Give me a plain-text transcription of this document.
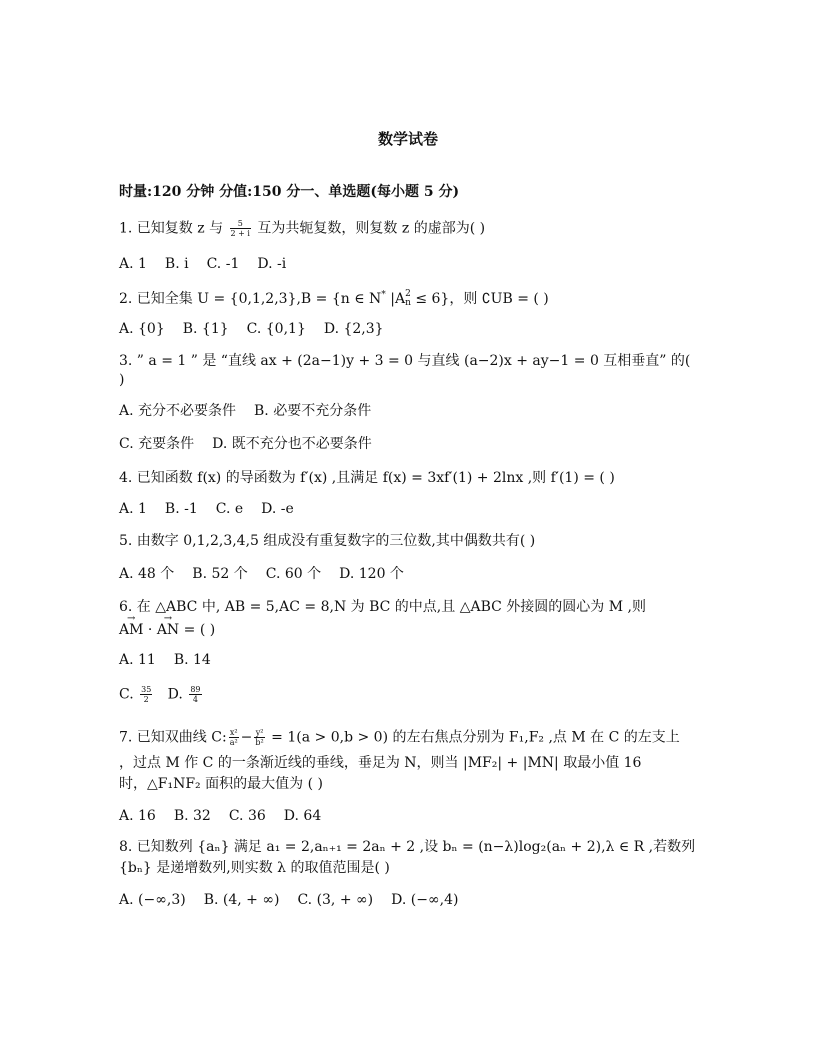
数学试卷
时量:120 分钟 分值:150 分一、单选题(每小题 5 分)
1. 已知复数 z 与 $\frac{5}{2 + i}$ 互为共轭复数，则复数 z 的虚部为( )
A. 1 B. i C. -1 D. -i
2. 已知全集 U = {0,1,2,3},B = {n ∈ N* |A 2
n ≤ 6}，则 ∁UB = ( )
A. {0} B. {1} C. {0,1} D. {2,3}
3. ” a = 1 ” 是 “直线 ax + (2a−1)y + 3 = 0 与直线 (a−2)x + ay−1 = 0 互相垂直” 的(
)
A. 充分不必要条件 B. 必要不充分条件
C. 充要条件 D. 既不充分也不必要条件
4. 已知函数 f(x) 的导函数为 f′(x) ,且满足 f(x) = 3xf′(1) + 2lnx ,则 f′(1) = ( )
A. 1 B. -1 C. e D. -e
5. 由数字 0,1,2,3,4,5 组成没有重复数字的三位数,其中偶数共有( )
A. 48 个 B. 52 个 C. 60 个 D. 120 个
6. 在 △ABC 中, AB = 5,AC = 8,N 为 BC 的中点,且 △ABC 外接圆的圆心为 M ,则
→ AM · → AN = ( )
A. 11 B. 14
C. $\frac{35}{2} D$. $\frac{89}{4}$
7. 已知双曲线 C: $\frac{\text{x²}}{\text{a²}} - \frac{\text{y²}}{\text{b²}} = 1(a > 0,b > 0)$ 的左右焦点分别为 F₁,F₂ ,点 M 在 C 的左支上
，过点 M 作 C 的一条渐近线的垂线，垂足为 N，则当 |MF₂| + |MN| 取最小值 16
时，△F₁NF₂ 面积的最大值为 ( )
A. 16 B. 32 C. 36 D. 64
8. 已知数列 {aₙ} 满足 a₁ = 2,aₙ₊₁ = 2aₙ + 2 ,设 bₙ = (n−λ)log₂(aₙ + 2),λ ∈ R ,若数列
{bₙ} 是递增数列,则实数 λ 的取值范围是( )
A. (−∞,3) B. (4, + ∞) C. (3, + ∞) D. (−∞,4)
